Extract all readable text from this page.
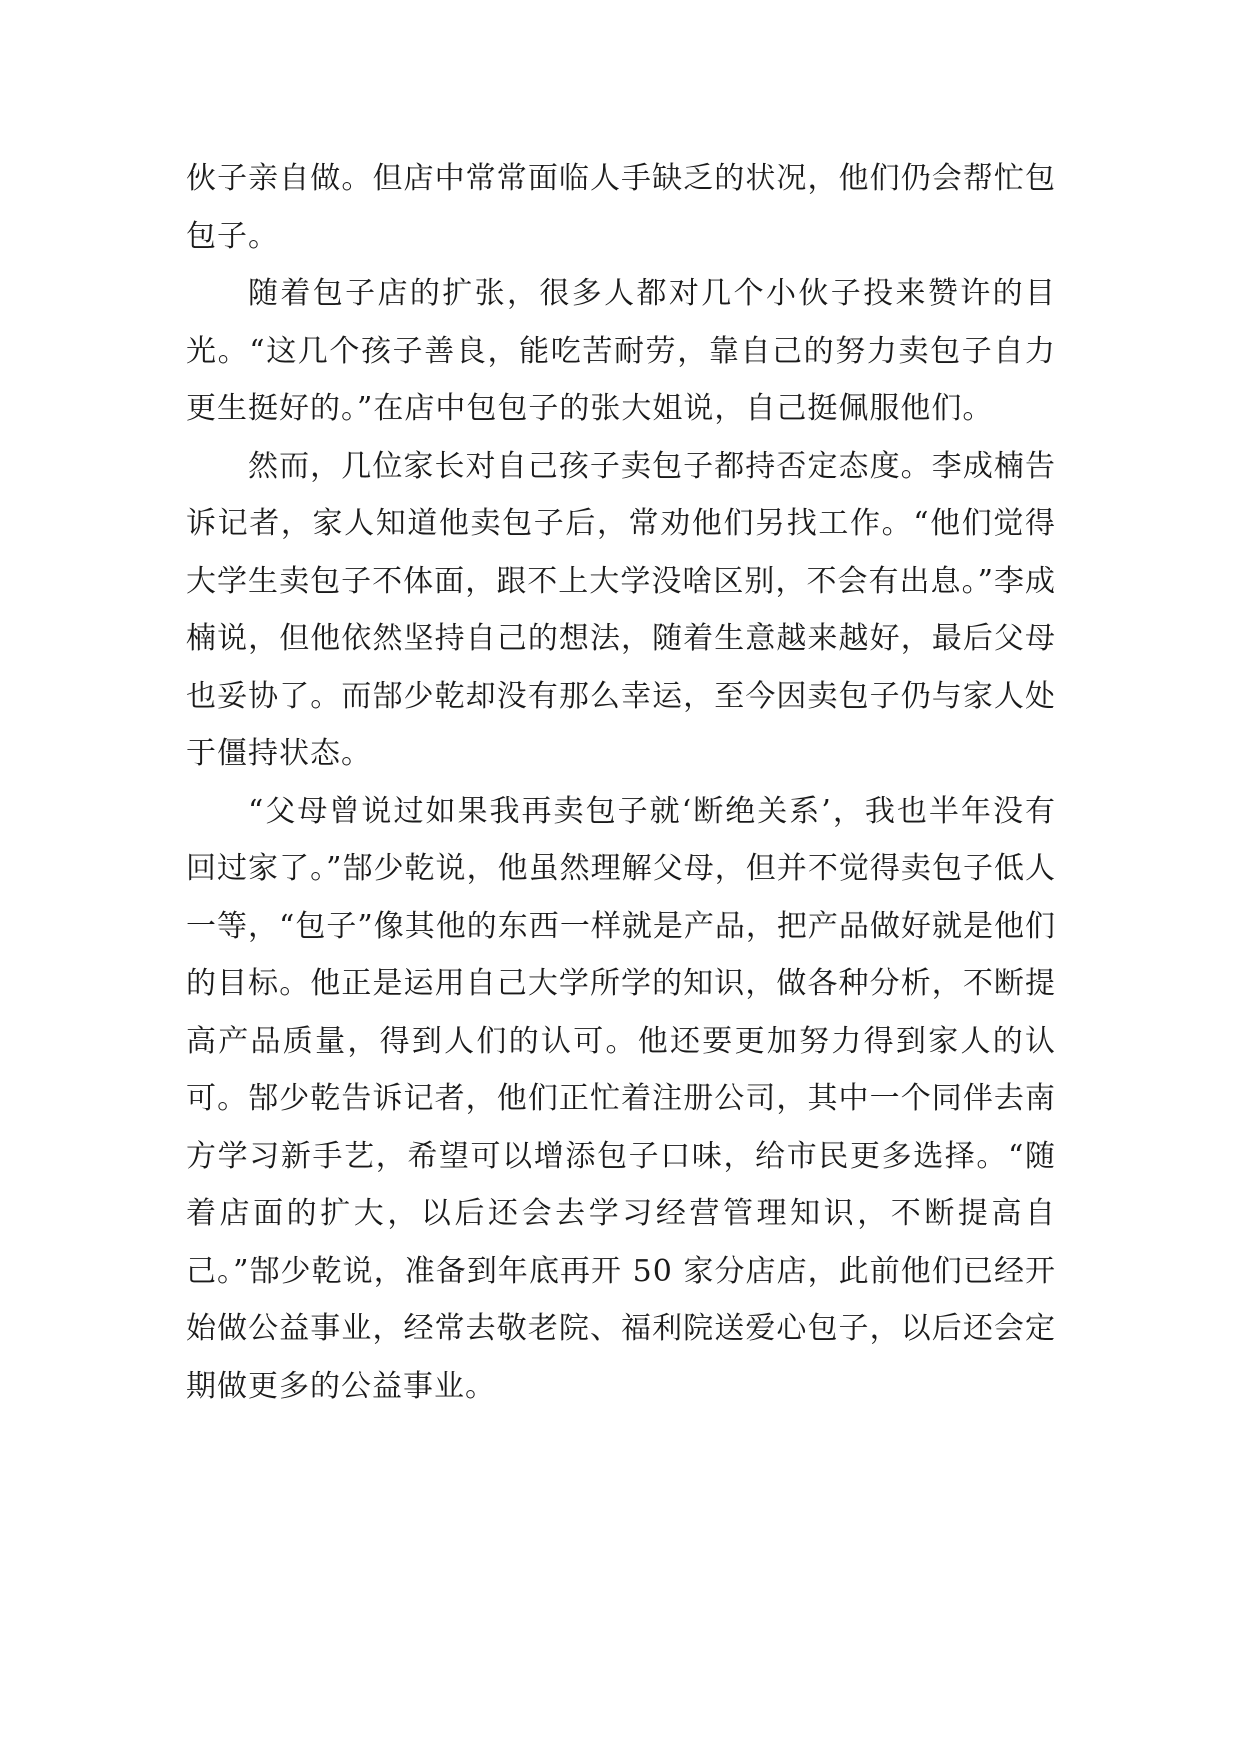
伙子亲自做。但店中常常面临人手缺乏的状况，他们仍会帮忙包包子。

随着包子店的扩张，很多人都对几个小伙子投来赞许的目光。“这几个孩子善良，能吃苦耐劳，靠自己的努力卖包子自力更生挺好的。”在店中包包子的张大姐说，自己挺佩服他们。

然而，几位家长对自己孩子卖包子都持否定态度。李成楠告诉记者，家人知道他卖包子后，常劝他们另找工作。“他们觉得大学生卖包子不体面，跟不上大学没啥区别，不会有出息。”李成楠说，但他依然坚持自己的想法，随着生意越来越好，最后父母也妥协了。而郜少乾却没有那么幸运，至今因卖包子仍与家人处于僵持状态。

“父母曾说过如果我再卖包子就‘断绝关系’，我也半年没有回过家了。”郜少乾说，他虽然理解父母，但并不觉得卖包子低人一等，“包子”像其他的东西一样就是产品，把产品做好就是他们的目标。他正是运用自己大学所学的知识，做各种分析，不断提高产品质量，得到人们的认可。他还要更加努力得到家人的认可。郜少乾告诉记者，他们正忙着注册公司，其中一个同伴去南方学习新手艺，希望可以增添包子口味，给市民更多选择。“随着店面的扩大，以后还会去学习经营管理知识，不断提高自己。”郜少乾说，准备到年底再开 50 家分店店，此前他们已经开始做公益事业，经常去敬老院、福利院送爱心包子，以后还会定期做更多的公益事业。
